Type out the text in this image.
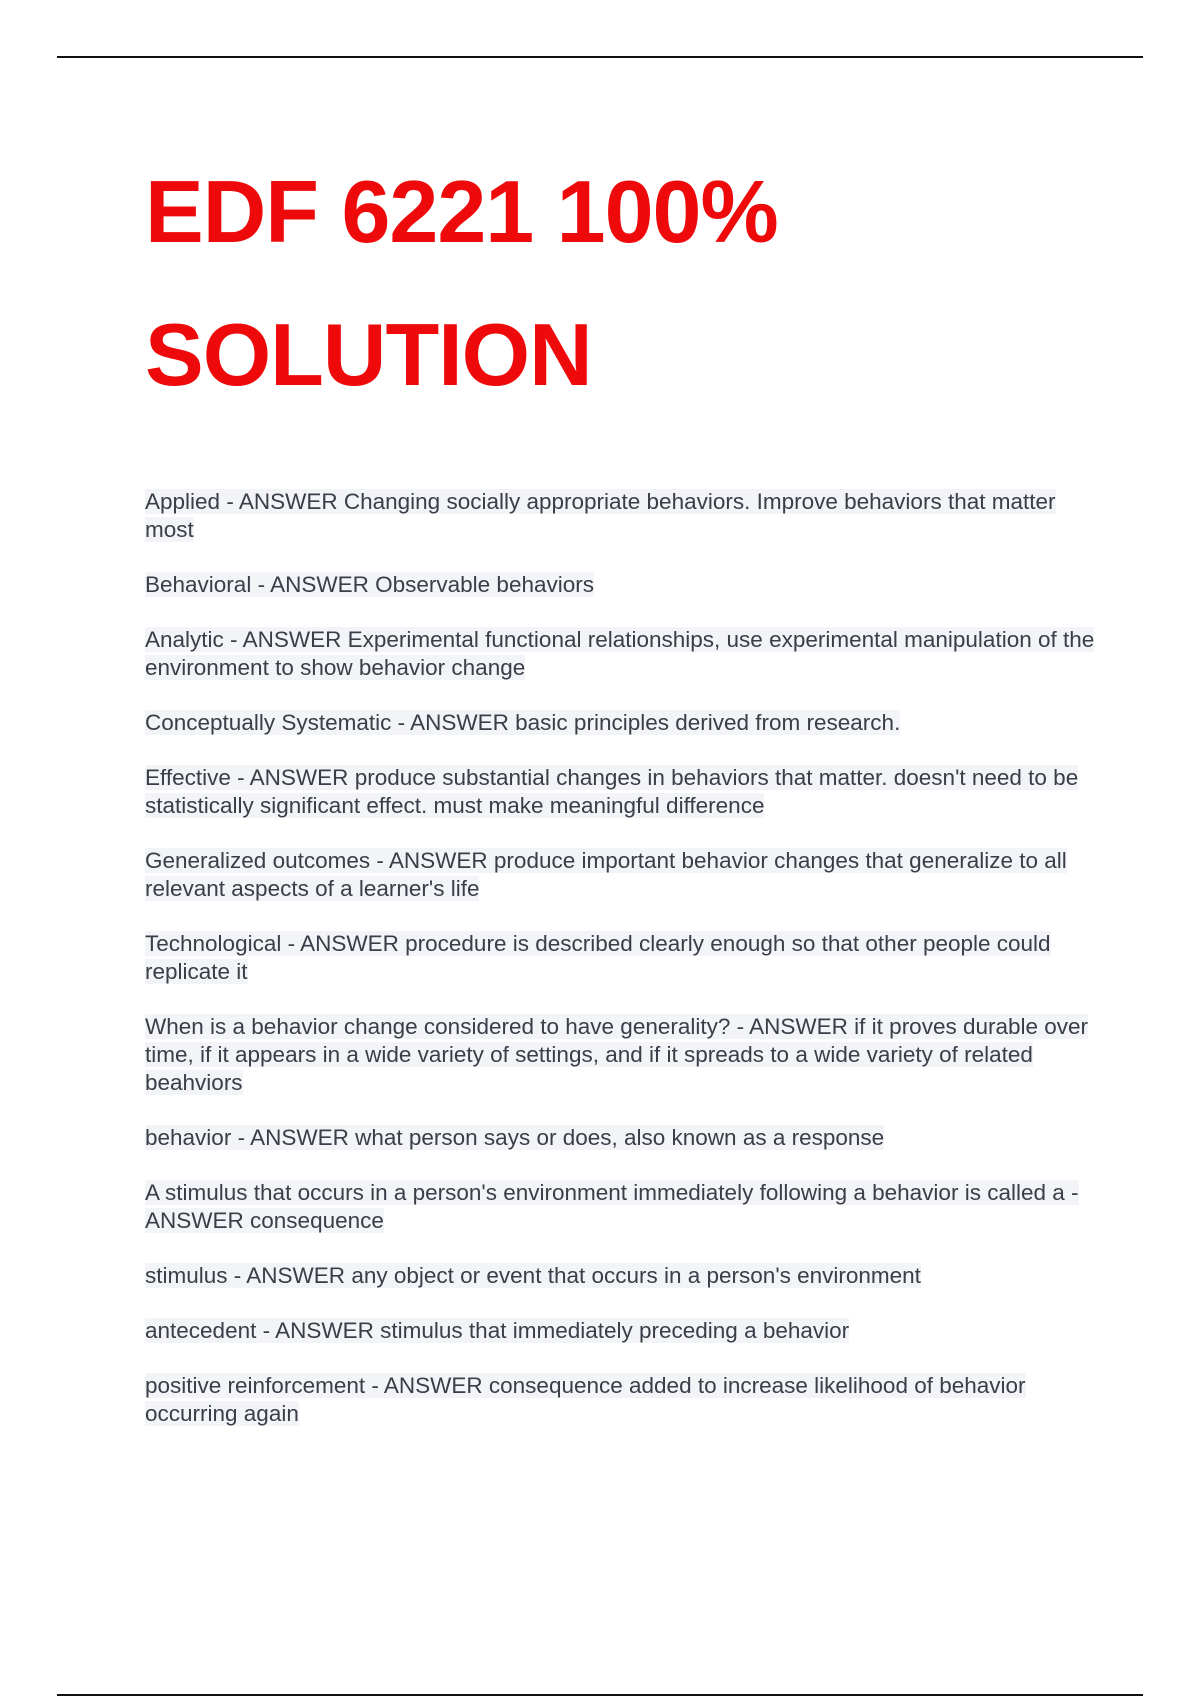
EDF 6221 100%
SOLUTION
Applied - ANSWER Changing socially appropriate behaviors. Improve behaviors that matter most
Behavioral - ANSWER Observable behaviors
Analytic - ANSWER Experimental functional relationships, use experimental manipulation of the environment to show behavior change
Conceptually Systematic - ANSWER basic principles derived from research.
Effective - ANSWER produce substantial changes in behaviors that matter. doesn't need to be statistically significant effect. must make meaningful difference
Generalized outcomes - ANSWER produce important behavior changes that generalize to all relevant aspects of a learner's life
Technological - ANSWER procedure is described clearly enough so that other people could replicate it
When is a behavior change considered to have generality? - ANSWER if it proves durable over time, if it appears in a wide variety of settings, and if it spreads to a wide variety of related beahviors
behavior - ANSWER what person says or does, also known as a response
A stimulus that occurs in a person's environment immediately following a behavior is called a - ANSWER consequence
stimulus - ANSWER any object or event that occurs in a person's environment
antecedent - ANSWER stimulus that immediately preceding a behavior
positive reinforcement - ANSWER consequence added to increase likelihood of behavior occurring again
